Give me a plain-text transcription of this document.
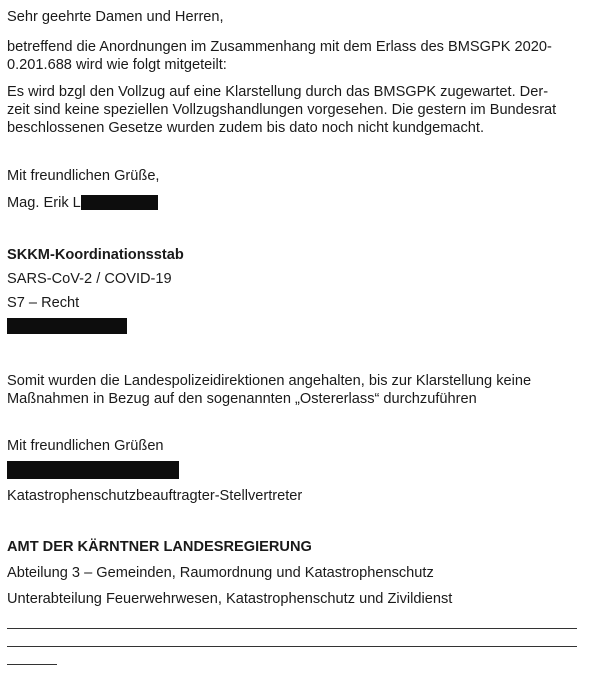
Sehr geehrte Damen und Herren,
betreffend die Anordnungen im Zusammenhang mit dem Erlass des BMSGPK 2020-
0.201.688 wird wie folgt mitgeteilt:
Es wird bzgl den Vollzug auf eine Klarstellung durch das BMSGPK zugewartet. Der-
zeit sind keine speziellen Vollzugshandlungen vorgesehen. Die gestern im Bundesrat
beschlossenen Gesetze wurden zudem bis dato noch nicht kundgemacht.
Mit freundlichen Grüße,
Mag. Erik L
SKKM-Koordinationsstab
SARS-CoV-2 / COVID-19
S7 – Recht
Somit wurden die Landespolizeidirektionen angehalten, bis zur Klarstellung keine
Maßnahmen in Bezug auf den sogenannten „Ostererlass“ durchzuführen
Mit freundlichen Grüßen
Katastrophenschutzbeauftragter-Stellvertreter
AMT DER KÄRNTNER LANDESREGIERUNG
Abteilung 3 – Gemeinden, Raumordnung und Katastrophenschutz
Unterabteilung Feuerwehrwesen, Katastrophenschutz und Zivildienst
